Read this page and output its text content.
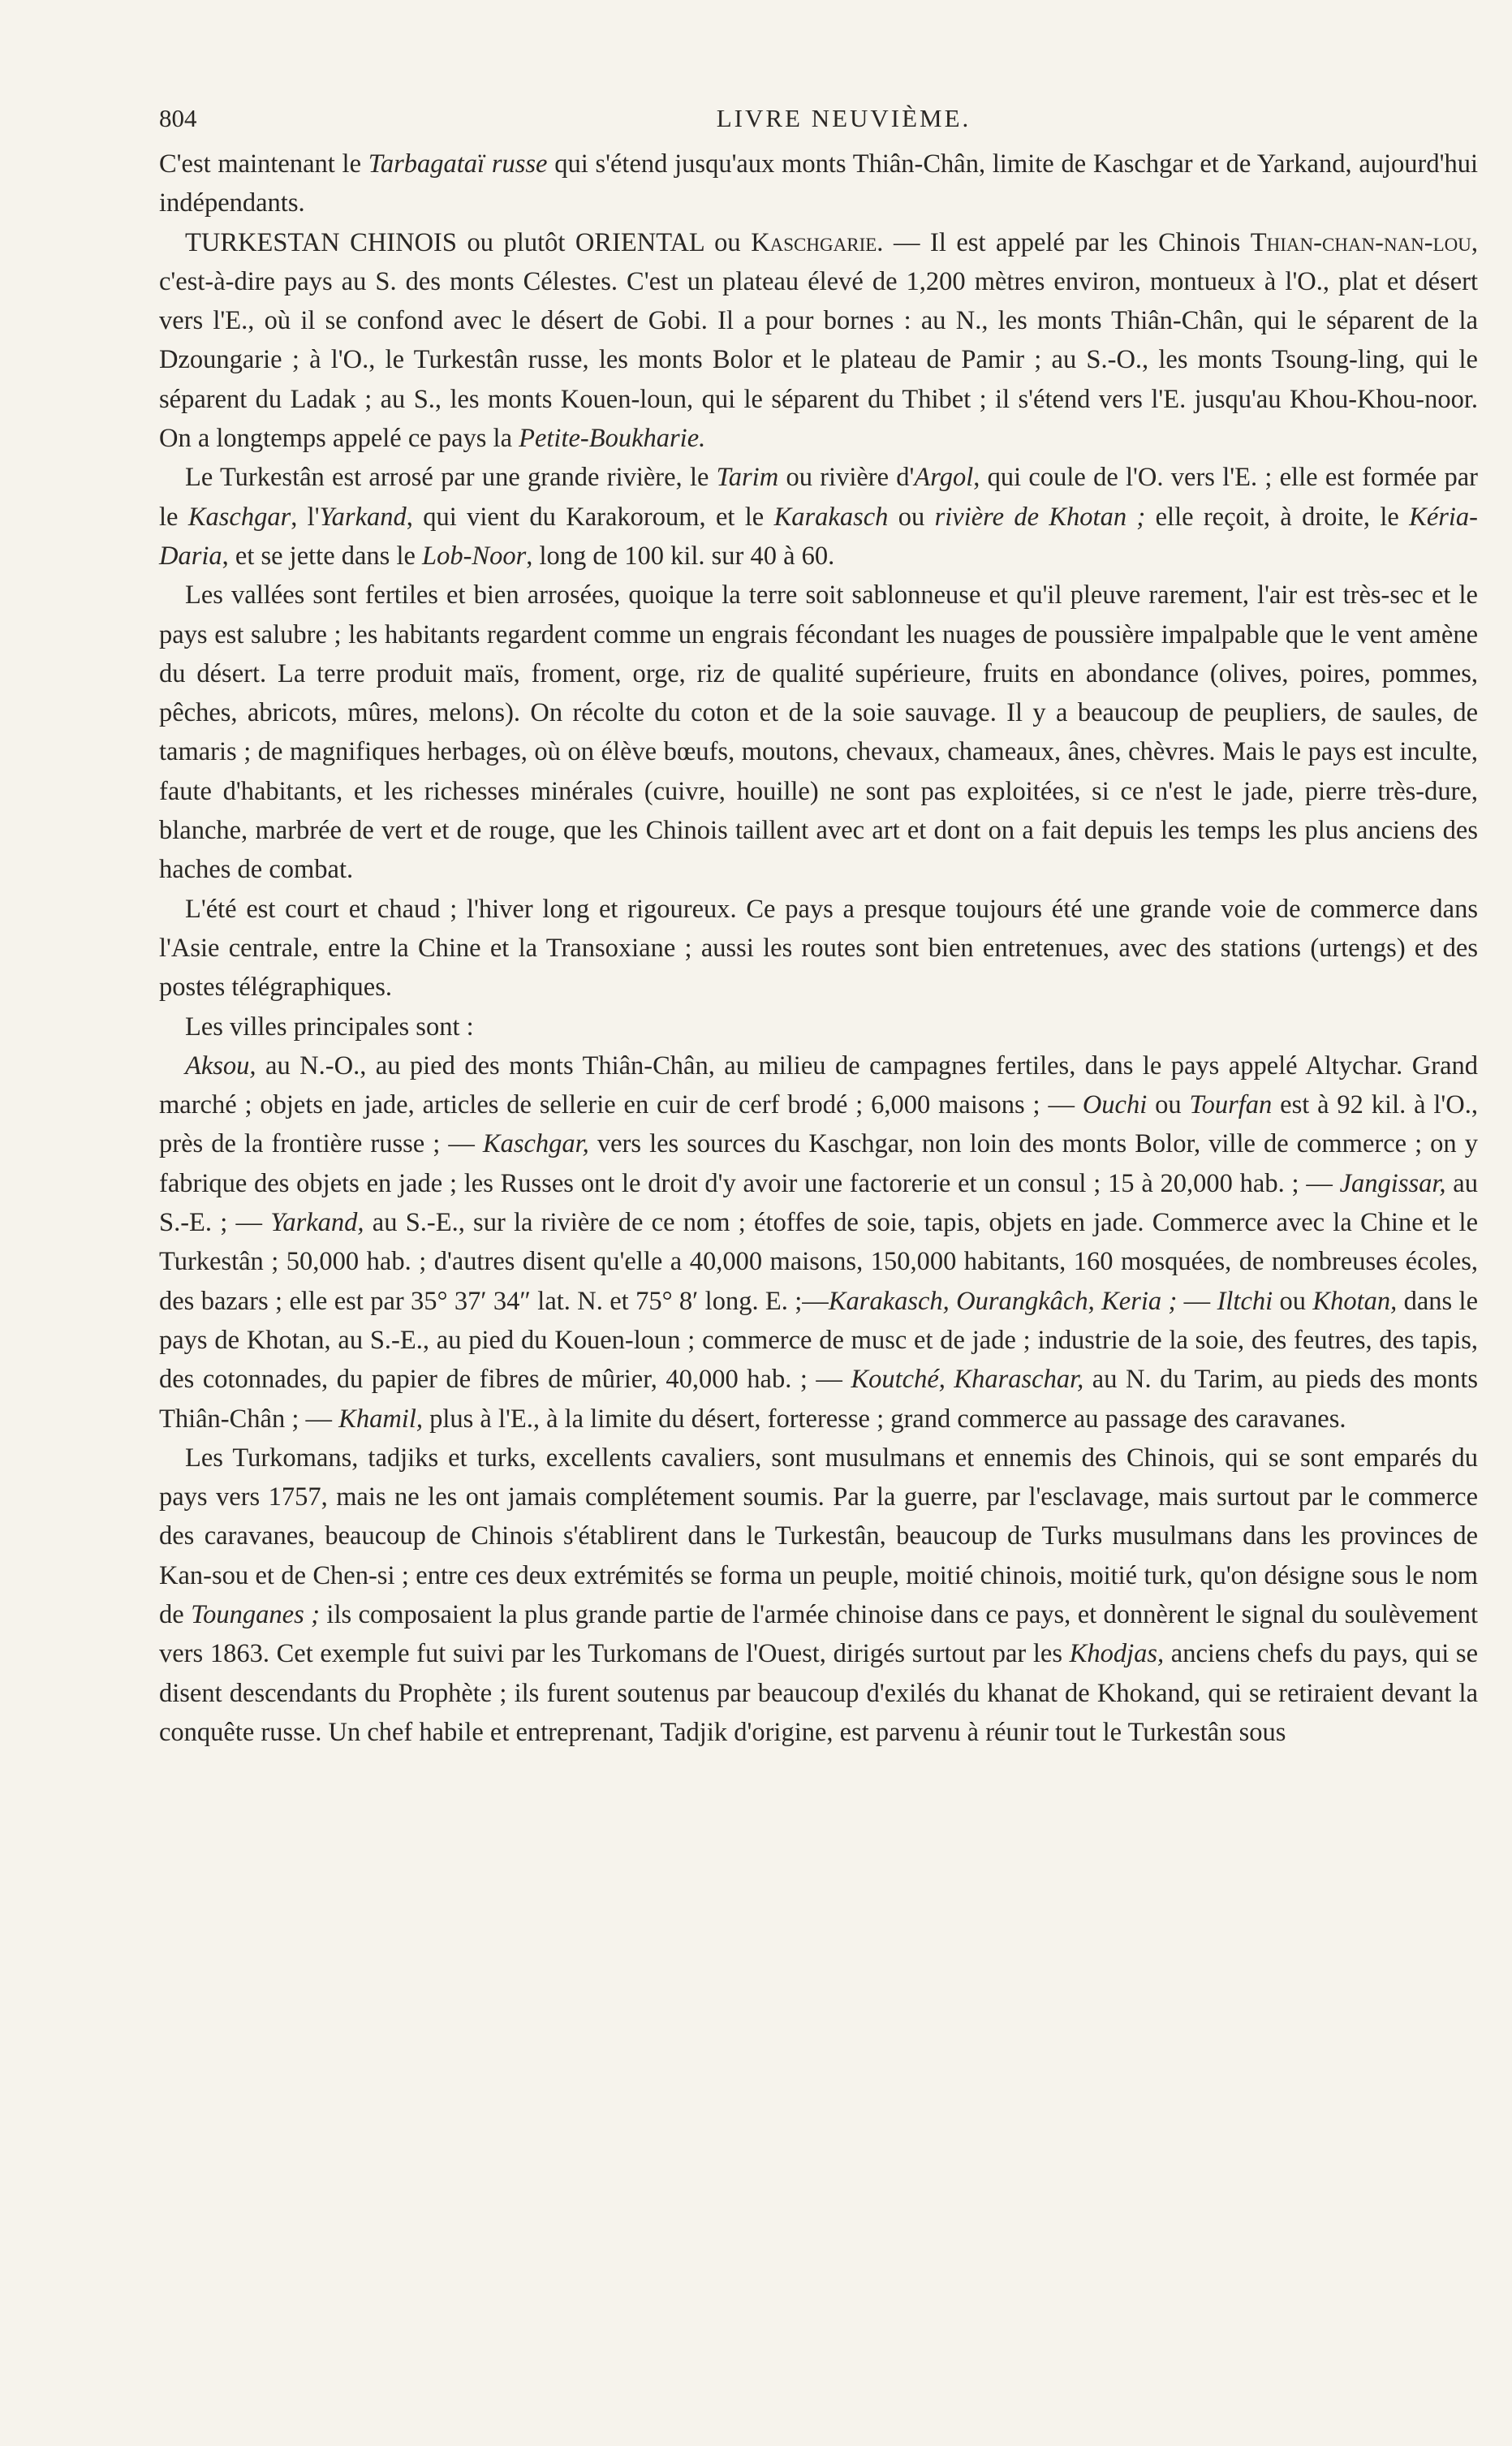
804	LIVRE NEUVIÈME.

C'est maintenant le Tarbagataï russe qui s'étend jusqu'aux monts Thiân-Chân, limite de Kaschgar et de Yarkand, aujourd'hui indépendants.

TURKESTAN CHINOIS ou plutôt ORIENTAL ou Kaschgarie. — Il est appelé par les Chinois Thian-chan-nan-lou, c'est-à-dire pays au S. des monts Célestes. C'est un plateau élevé de 1,200 mètres environ, montueux à l'O., plat et désert vers l'E., où il se confond avec le désert de Gobi. Il a pour bornes : au N., les monts Thiân-Chân, qui le séparent de la Dzoungarie ; à l'O., le Turkestân russe, les monts Bolor et le plateau de Pamir ; au S.-O., les monts Tsoung-ling, qui le séparent du Ladak ; au S., les monts Kouen-loun, qui le séparent du Thibet ; il s'étend vers l'E. jusqu'au Khou-Khou-noor. On a longtemps appelé ce pays la Petite-Boukharie.

Le Turkestân est arrosé par une grande rivière, le Tarim ou rivière d'Argol, qui coule de l'O. vers l'E. ; elle est formée par le Kaschgar, l'Yarkand, qui vient du Karakoroum, et le Karakasch ou rivière de Khotan ; elle reçoit, à droite, le Kéria-Daria, et se jette dans le Lob-Noor, long de 100 kil. sur 40 à 60.

Les vallées sont fertiles et bien arrosées, quoique la terre soit sablonneuse et qu'il pleuve rarement, l'air est très-sec et le pays est salubre ; les habitants regardent comme un engrais fécondant les nuages de poussière impalpable que le vent amène du désert. La terre produit maïs, froment, orge, riz de qualité supérieure, fruits en abondance (olives, poires, pommes, pêches, abricots, mûres, melons). On récolte du coton et de la soie sauvage. Il y a beaucoup de peupliers, de saules, de tamaris ; de magnifiques herbages, où on élève bœufs, moutons, chevaux, chameaux, ânes, chèvres. Mais le pays est inculte, faute d'habitants, et les richesses minérales (cuivre, houille) ne sont pas exploitées, si ce n'est le jade, pierre très-dure, blanche, marbrée de vert et de rouge, que les Chinois taillent avec art et dont on a fait depuis les temps les plus anciens des haches de combat.

L'été est court et chaud ; l'hiver long et rigoureux. Ce pays a presque toujours été une grande voie de commerce dans l'Asie centrale, entre la Chine et la Transoxiane ; aussi les routes sont bien entretenues, avec des stations (urtengs) et des postes télégraphiques.

Les villes principales sont :

Aksou, au N.-O., au pied des monts Thiân-Chân, au milieu de campagnes fertiles, dans le pays appelé Altychar. Grand marché ; objets en jade, articles de sellerie en cuir de cerf brodé ; 6,000 maisons ; — Ouchi ou Tourfan est à 92 kil. à l'O., près de la frontière russe ; — Kaschgar, vers les sources du Kaschgar, non loin des monts Bolor, ville de commerce ; on y fabrique des objets en jade ; les Russes ont le droit d'y avoir une factorerie et un consul ; 15 à 20,000 hab. ; — Jangissar, au S.-E. ; — Yarkand, au S.-E., sur la rivière de ce nom ; étoffes de soie, tapis, objets en jade. Commerce avec la Chine et le Turkestân ; 50,000 hab. ; d'autres disent qu'elle a 40,000 maisons, 150,000 habitants, 160 mosquées, de nombreuses écoles, des bazars ; elle est par 35° 37′ 34″ lat. N. et 75° 8′ long. E. ;—Karakasch, Ourangkâch, Keria ; — Iltchi ou Khotan, dans le pays de Khotan, au S.-E., au pied du Kouen-loun ; commerce de musc et de jade ; industrie de la soie, des feutres, des tapis, des cotonnades, du papier de fibres de mûrier, 40,000 hab. ; — Koutché, Kharaschar, au N. du Tarim, au pieds des monts Thiân-Chân ; — Khamil, plus à l'E., à la limite du désert, forteresse ; grand commerce au passage des caravanes.

Les Turkomans, tadjiks et turks, excellents cavaliers, sont musulmans et ennemis des Chinois, qui se sont emparés du pays vers 1757, mais ne les ont jamais complétement soumis. Par la guerre, par l'esclavage, mais surtout par le commerce des caravanes, beaucoup de Chinois s'établirent dans le Turkestân, beaucoup de Turks musulmans dans les provinces de Kan-sou et de Chen-si ; entre ces deux extrémités se forma un peuple, moitié chinois, moitié turk, qu'on désigne sous le nom de Tounganes ; ils composaient la plus grande partie de l'armée chinoise dans ce pays, et donnèrent le signal du soulèvement vers 1863. Cet exemple fut suivi par les Turkomans de l'Ouest, dirigés surtout par les Khodjas, anciens chefs du pays, qui se disent descendants du Prophète ; ils furent soutenus par beaucoup d'exilés du khanat de Khokand, qui se retiraient devant la conquête russe. Un chef habile et entreprenant, Tadjik d'origine, est parvenu à réunir tout le Turkestân sous
